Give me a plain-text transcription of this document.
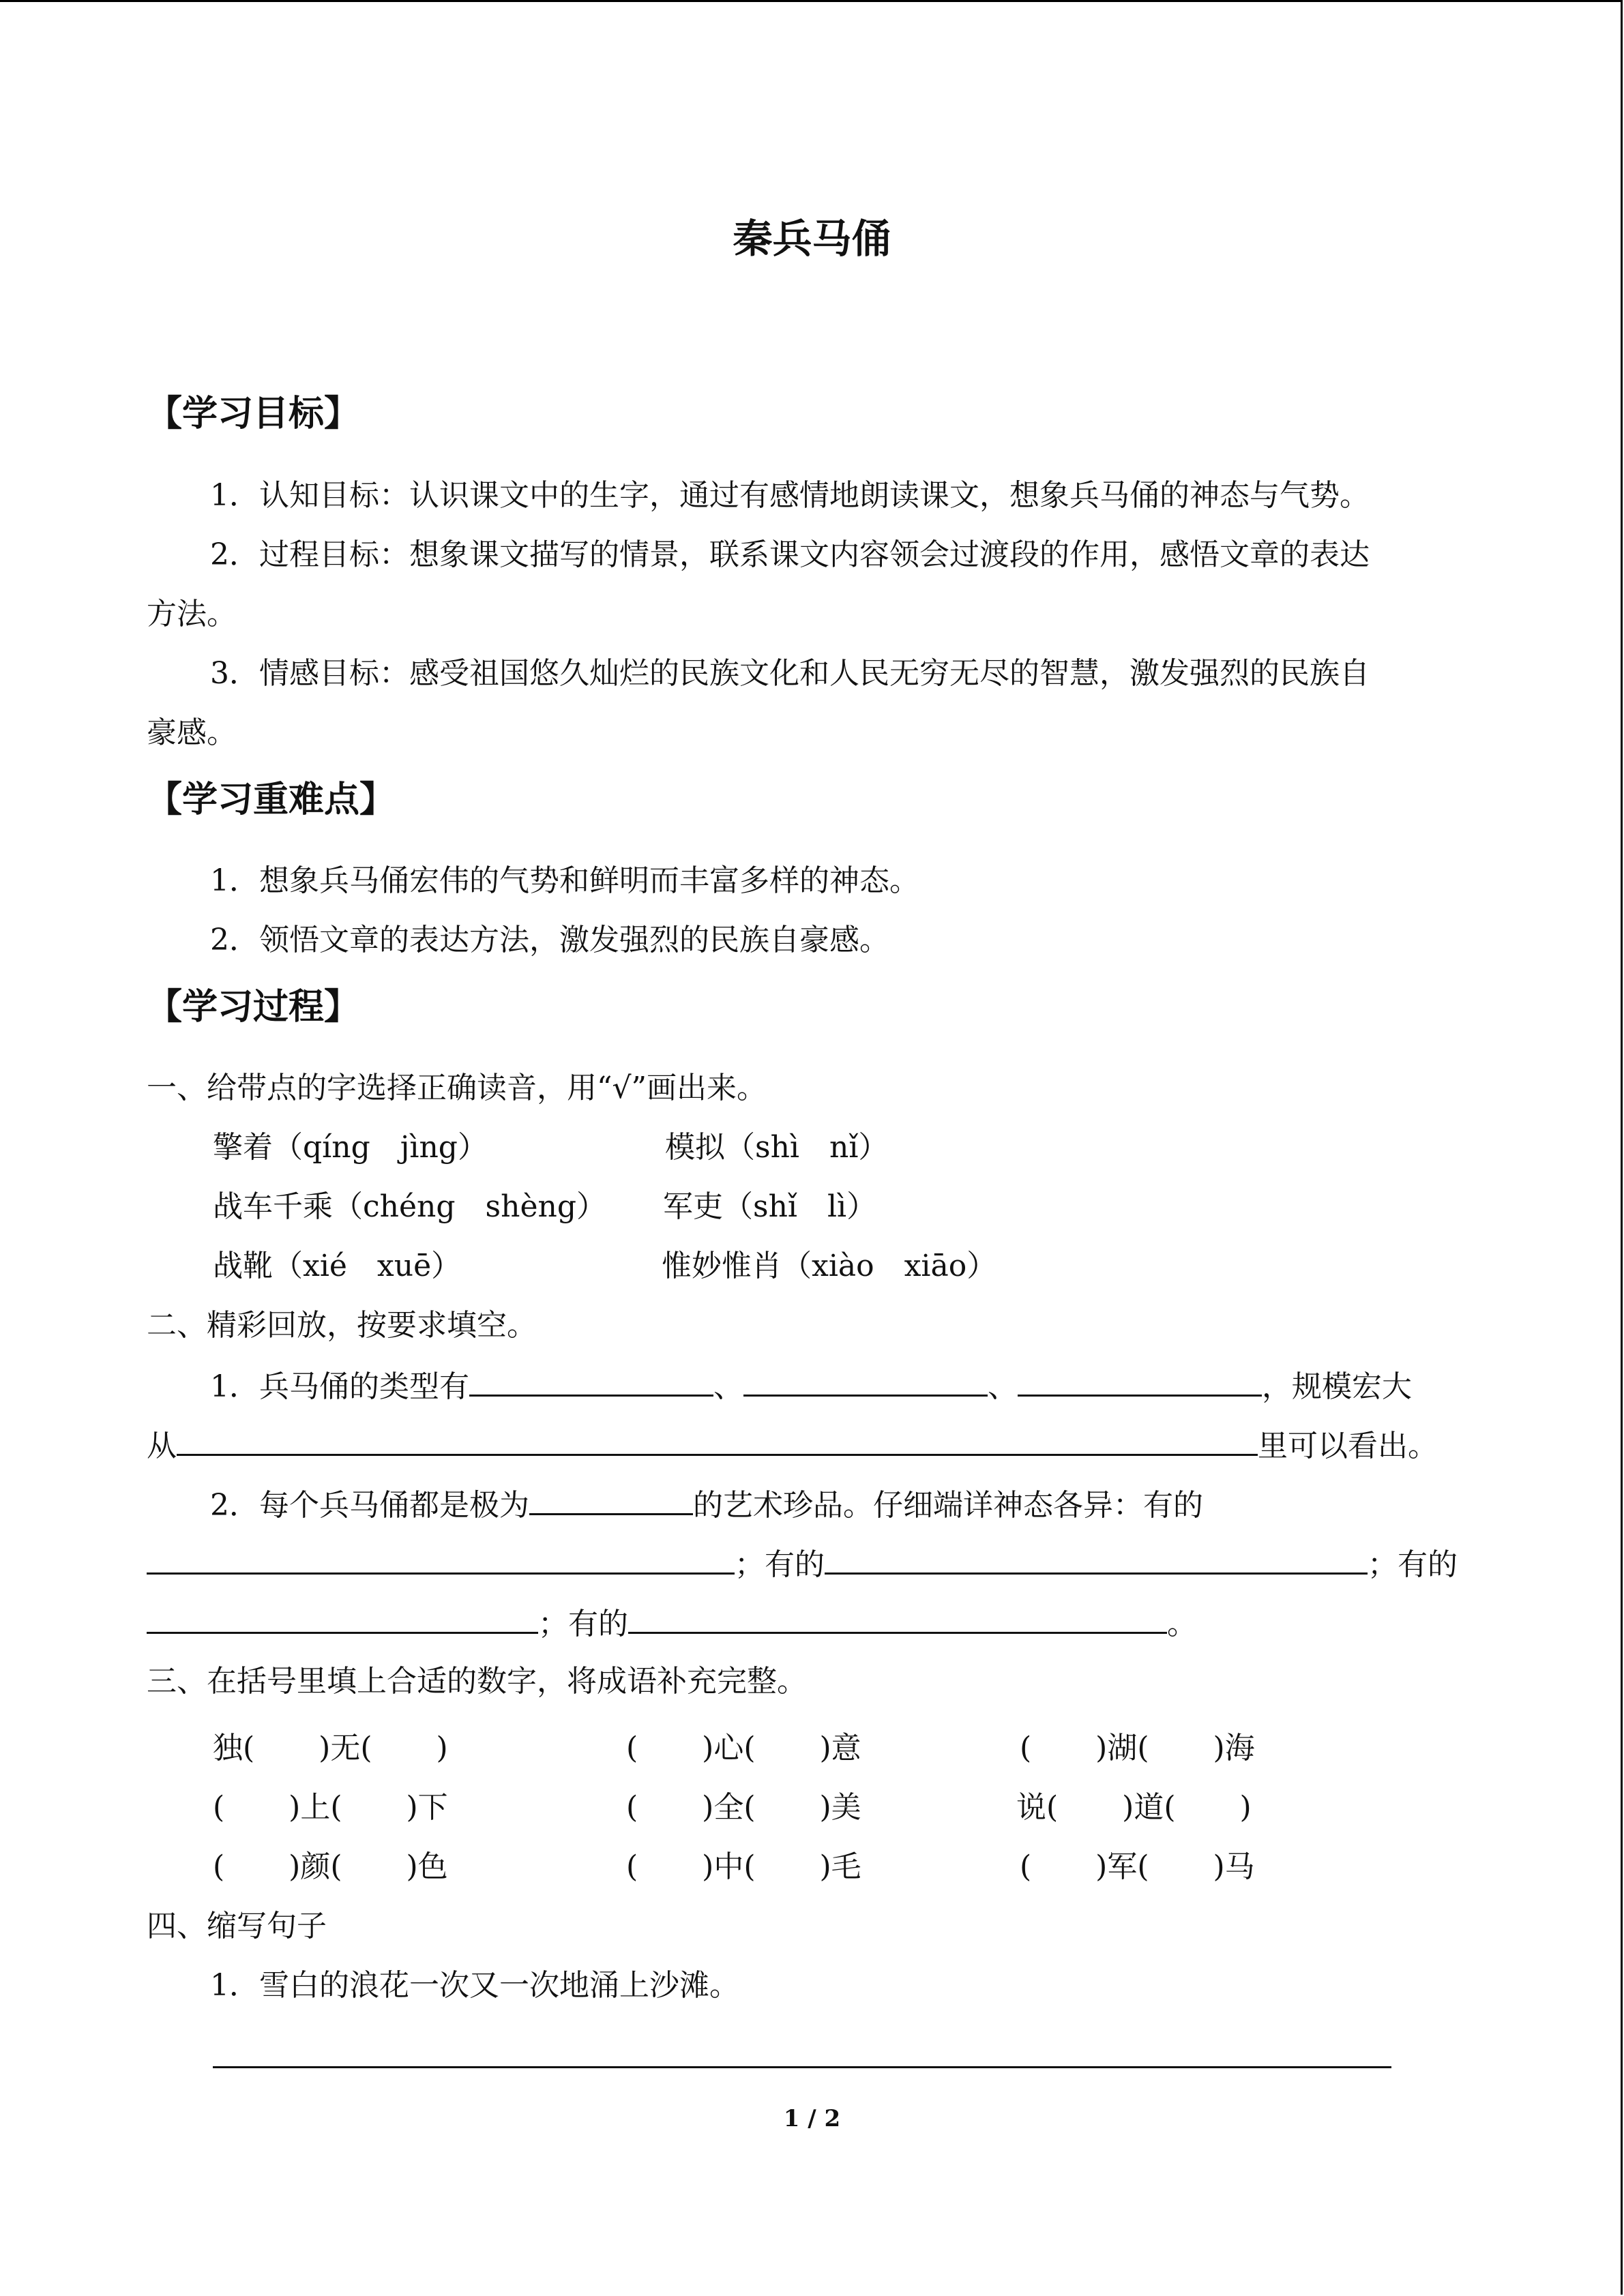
秦兵马俑
【学习目标】
1．认知目标：认识课文中的生字，通过有感情地朗读课文，想象兵马俑的神态与气势。
2．过程目标：想象课文描写的情景，联系课文内容领会过渡段的作用，感悟文章的表达
方法。
3．情感目标：感受祖国悠久灿烂的民族文化和人民无穷无尽的智慧，激发强烈的民族自
豪感。
【学习重难点】
1．想象兵马俑宏伟的气势和鲜明而丰富多样的神态。
2．领悟文章的表达方法，激发强烈的民族自豪感。
【学习过程】
一、给带点的字选择正确读音，用“√”画出来。
擎着（qíng　jìng）	模拟（shì　nǐ）
战车千乘（chéng　shèng） 军吏（shǐ　lì）
战靴（xié　xuē）	惟妙惟肖（xiào　xiāo）
二、精彩回放，按要求填空。
1．兵马俑的类型有	、	、	，规模宏大
从	里可以看出。
2．每个兵马俑都是极为	的艺术珍品。仔细端详神态各异：有的
；有的	；有的
；有的	。
三、在括号里填上合适的数字，将成语补充完整。
独( )无( )	( )心( )意	( )湖( )海
( )上( )下	( )全( )美	说( )道( )
( )颜( )色	( )中( )毛	( )军( )马
四、缩写句子
1．雪白的浪花一次又一次地涌上沙滩。
1 / 2
